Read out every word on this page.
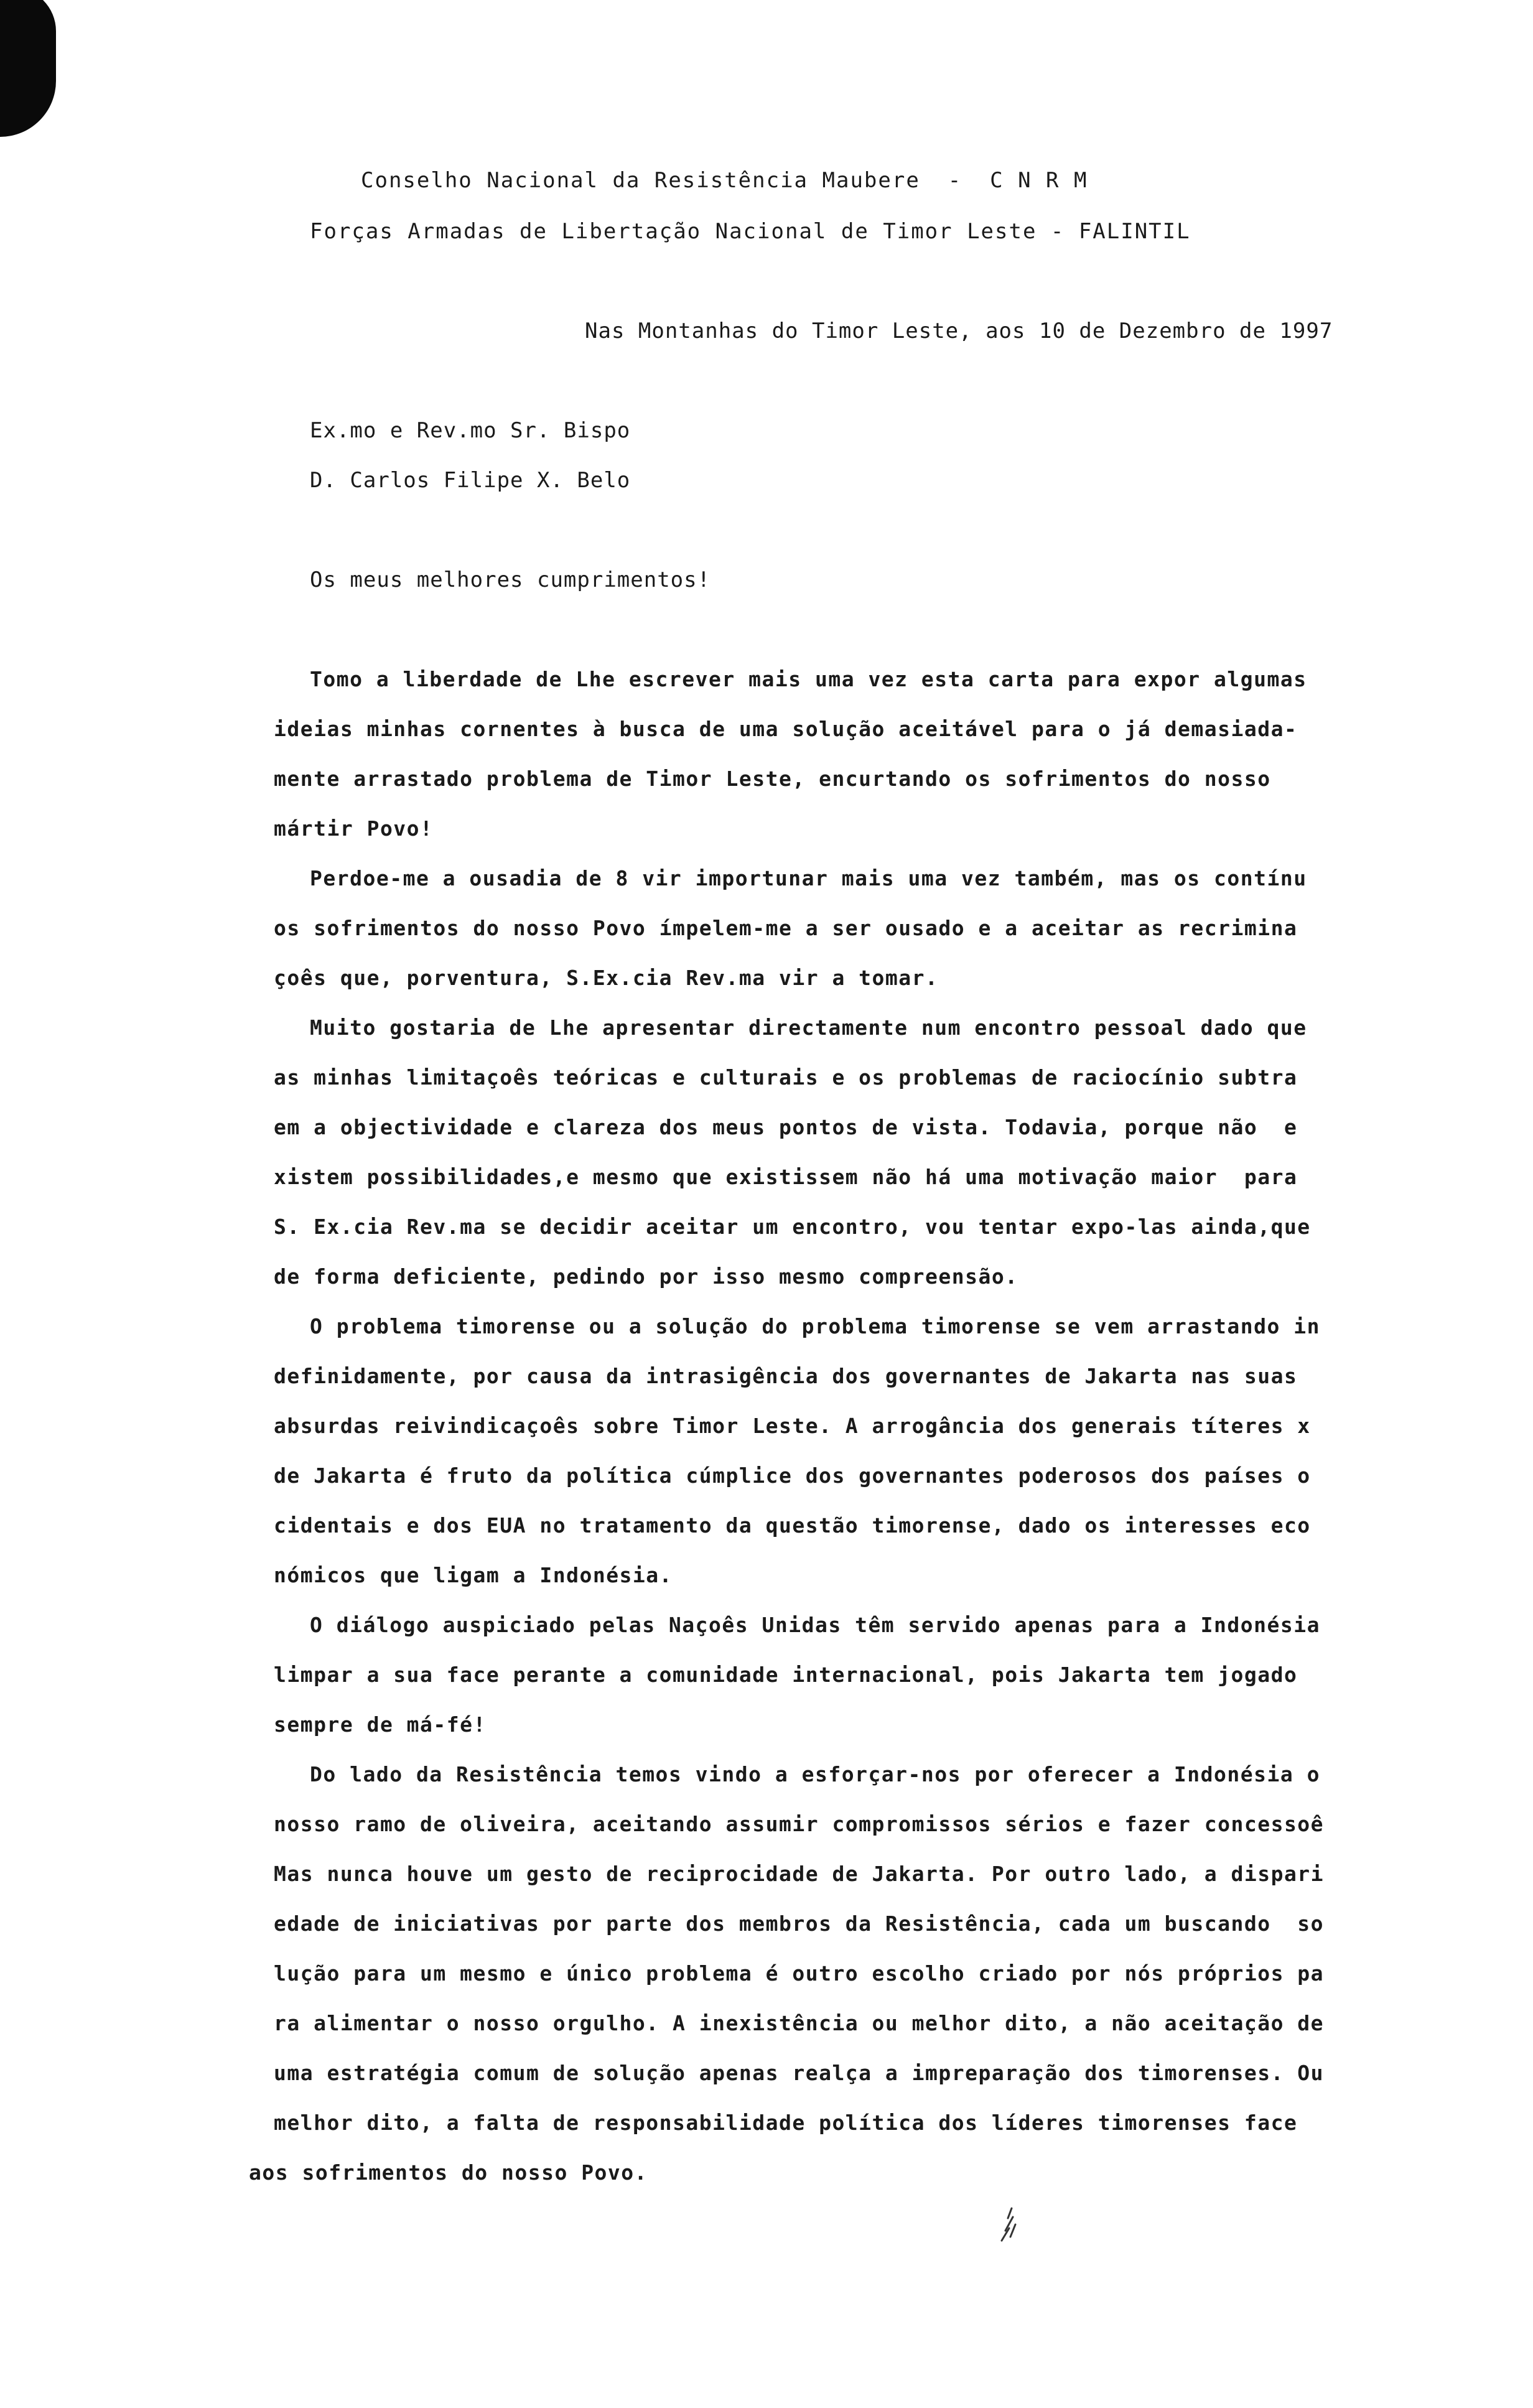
Conselho Nacional da Resistência Maubere  -  C N R M
Forças Armadas de Libertação Nacional de Timor Leste - FALINTIL
Nas Montanhas do Timor Leste, aos 10 de Dezembro de 1997
Ex.mo e Rev.mo Sr. Bispo
D. Carlos Filipe X. Belo
Os meus melhores cumprimentos!
Tomo a liberdade de Lhe escrever mais uma vez esta carta para expor algumas
ideias minhas cornentes à busca de uma solução aceitável para o já demasiada-
mente arrastado problema de Timor Leste, encurtando os sofrimentos do nosso
mártir Povo!
Perdoe-me a ousadia de 8 vir importunar mais uma vez também, mas os contínu
os sofrimentos do nosso Povo ímpelem-me a ser ousado e a aceitar as recrimina
çoês que, porventura, S.Ex.cia Rev.ma vir a tomar.
Muito gostaria de Lhe apresentar directamente num encontro pessoal dado que
as minhas limitaçoês teóricas e culturais e os problemas de raciocínio subtra
em a objectividade e clareza dos meus pontos de vista. Todavia, porque não  e
xistem possibilidades,e mesmo que existissem não há uma motivação maior  para
S. Ex.cia Rev.ma se decidir aceitar um encontro, vou tentar expo-las ainda,que
de forma deficiente, pedindo por isso mesmo compreensão.
O problema timorense ou a solução do problema timorense se vem arrastando in
definidamente, por causa da intrasigência dos governantes de Jakarta nas suas
absurdas reivindicaçoês sobre Timor Leste. A arrogância dos generais títeres x
de Jakarta é fruto da política cúmplice dos governantes poderosos dos países o
cidentais e dos EUA no tratamento da questão timorense, dado os interesses eco
nómicos que ligam a Indonésia.
O diálogo auspiciado pelas Naçoês Unidas têm servido apenas para a Indonésia
limpar a sua face perante a comunidade internacional, pois Jakarta tem jogado
sempre de má-fé!
Do lado da Resistência temos vindo a esforçar-nos por oferecer a Indonésia o
nosso ramo de oliveira, aceitando assumir compromissos sérios e fazer concessoê
Mas nunca houve um gesto de reciprocidade de Jakarta. Por outro lado, a dispari
edade de iniciativas por parte dos membros da Resistência, cada um buscando  so
lução para um mesmo e único problema é outro escolho criado por nós próprios pa
ra alimentar o nosso orgulho. A inexistência ou melhor dito, a não aceitação de
uma estratégia comum de solução apenas realça a impreparação dos timorenses. Ou
melhor dito, a falta de responsabilidade política dos líderes timorenses face
aos sofrimentos do nosso Povo.
